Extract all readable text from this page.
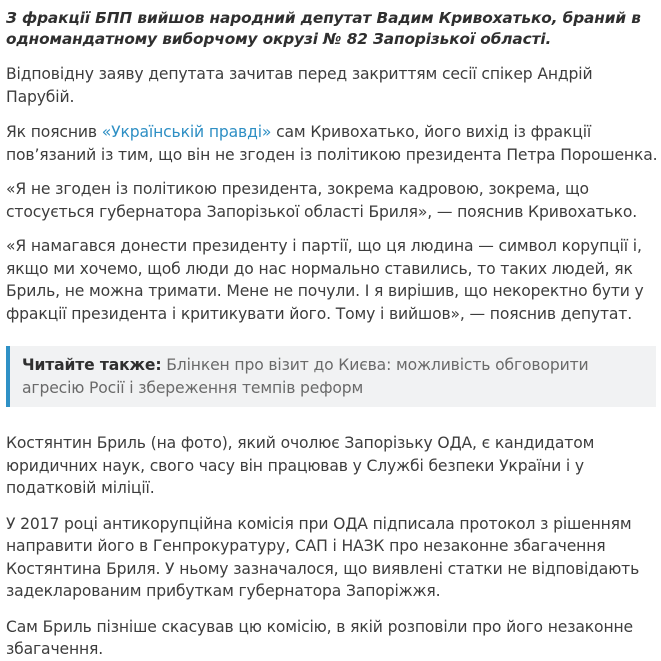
З фракції БПП вийшов народний депутат Вадим Кривохатько, браний в одномандатному виборчому окрузі № 82 Запорізької області.

Відповідну заяву депутата зачитав перед закриттям сесії спікер Андрій Парубій.

Як пояснив «Українській правді» сам Кривохатько, його вихід із фракції пов’язаний із тим, що він не згоден із політикою президента Петра Порошенка.

«Я не згоден із політикою президента, зокрема кадровою, зокрема, що стосується губернатора Запорізької області Бриля», — пояснив Кривохатько.

«Я намагався донести президенту і партії, що ця людина — символ корупції і, якщо ми хочемо, щоб люди до нас нормально ставились, то таких людей, як Бриль, не можна тримати. Мене не почули. І я вирішив, що некоректно бути у фракції президента і критикувати його. Тому і вийшов», — пояснив депутат.

Читайте также: Блінкен про візит до Києва: можливість обговорити агресію Росії і збереження темпів реформ

Костянтин Бриль (на фото), який очолює Запорізьку ОДА, є кандидатом юридичних наук, свого часу він працював у Службі безпеки України і у податковій міліції.

У 2017 році антикорупційна комісія при ОДА підписала протокол з рішенням направити його в Генпрокуратуру, САП і НАЗК про незаконне збагачення Костянтина Бриля. У ньому зазначалося, що виявлені статки не відповідають задекларованим прибуткам губернатора Запоріжжя.

Сам Бриль пізніше скасував цю комісію, в якій розповіли про його незаконне збагачення.
